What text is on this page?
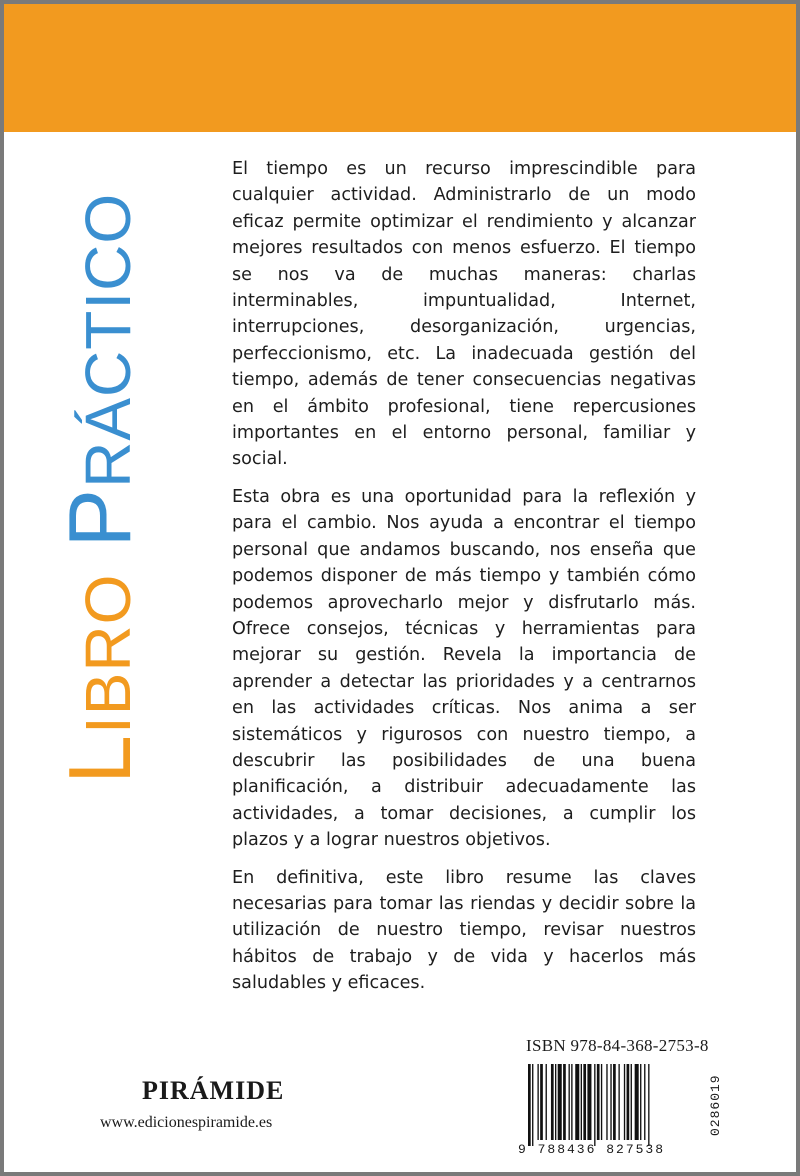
LIBROPRÁCTICO

El tiempo es un recurso imprescindible para cualquier actividad. Administrarlo de un modo eficaz permite optimizar el rendimiento y alcanzar mejores resultados con menos esfuerzo. El tiempo se nos va de muchas maneras: charlas interminables, impuntualidad, Internet, interrupciones, desorganización, urgencias, perfeccionismo, etc. La inadecuada gestión del tiempo, además de tener consecuencias negativas en el ámbito profesional, tiene repercusiones importantes en el entorno personal, familiar y social.

Esta obra es una oportunidad para la reflexión y para el cambio. Nos ayuda a encontrar el tiempo personal que andamos buscando, nos enseña que podemos disponer de más tiempo y también cómo podemos aprovecharlo mejor y disfrutarlo más. Ofrece consejos, técnicas y herramientas para mejorar su gestión. Revela la importancia de aprender a detectar las prioridades y a centrarnos en las actividades críticas. Nos anima a ser sistemáticos y rigurosos con nuestro tiempo, a descubrir las posibilidades de una buena planificación, a distribuir adecuadamente las actividades, a tomar decisiones, a cumplir los plazos y a lograr nuestros objetivos.

En definitiva, este libro resume las claves necesarias para tomar las riendas y decidir sobre la utilización de nuestro tiempo, revisar nuestros hábitos de trabajo y de vida y hacerlos más saludables y eficaces.

ISBN 978-84-368-2753-8
9 788436 827538
0286019
PIRÁMIDE
www.edicionespiramide.es
